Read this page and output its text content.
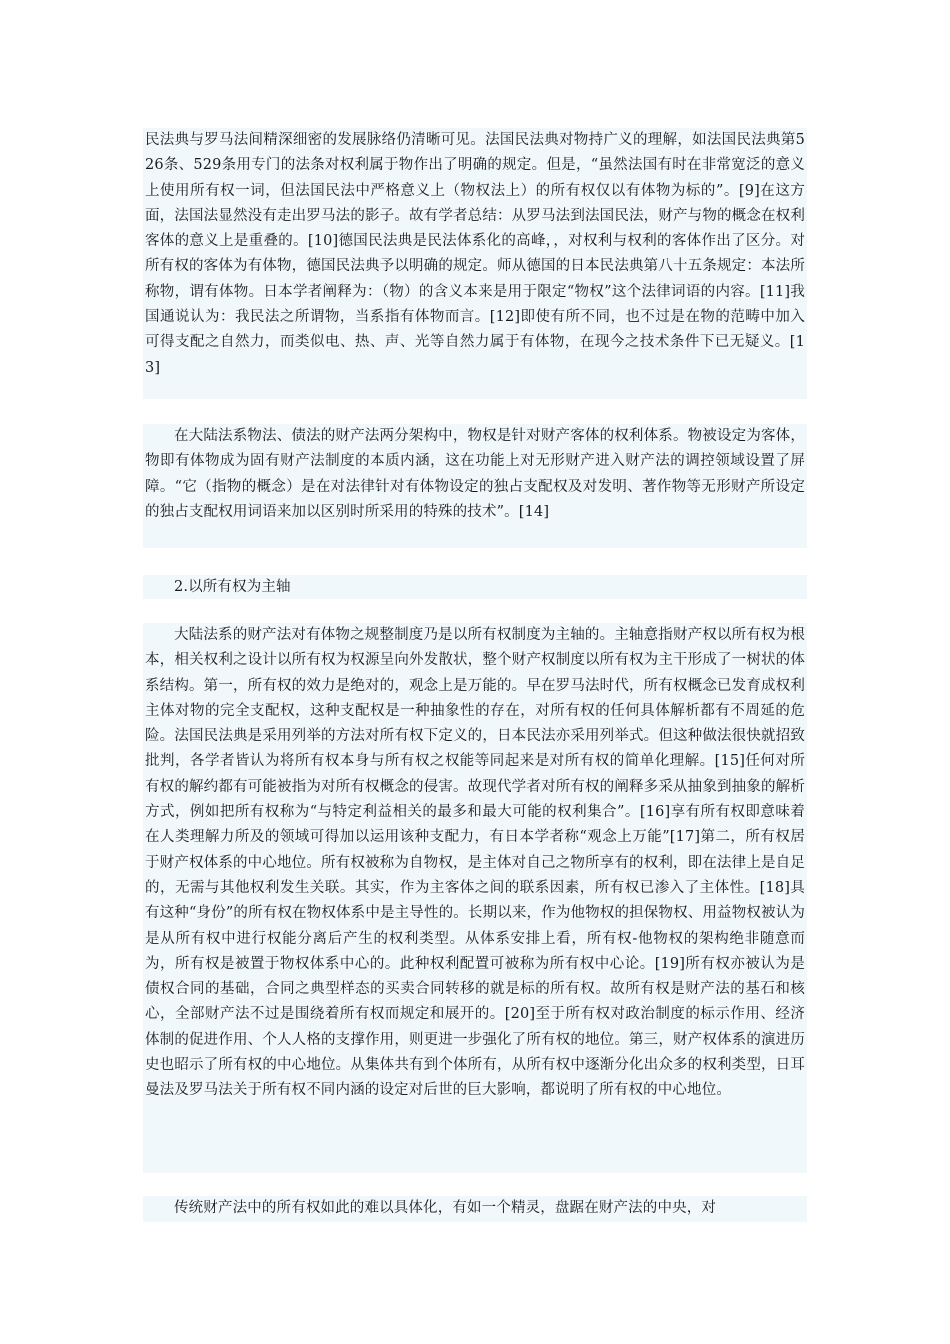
民法典与罗马法间精深细密的发展脉络仍清晰可见。法国民法典对物持广义的理解，如法国民法典第526条、529条用专门的法条对权利属于物作出了明确的规定。但是，“虽然法国有时在非常宽泛的意义上使用所有权一词，但法国民法中严格意义上（物权法上）的所有权仅以有体物为标的”。[9]在这方面，法国法显然没有走出罗马法的影子。故有学者总结：从罗马法到法国民法，财产与物的概念在权利客体的意义上是重叠的。[10]德国民法典是民法体系化的高峰，，对权利与权利的客体作出了区分。对所有权的客体为有体物，德国民法典予以明确的规定。师从德国的日本民法典第八十五条规定：本法所称物，谓有体物。日本学者阐释为：（物）的含义本来是用于限定“物权”这个法律词语的内容。[11]我国通说认为：我民法之所谓物，当系指有体物而言。[12]即使有所不同，也不过是在物的范畴中加入可得支配之自然力，而类似电、热、声、光等自然力属于有体物，在现今之技术条件下已无疑义。[13]

在大陆法系物法、债法的财产法两分架构中，物权是针对财产客体的权利体系。物被设定为客体，物即有体物成为固有财产法制度的本质内涵，这在功能上对无形财产进入财产法的调控领域设置了屏障。“它（指物的概念）是在对法律针对有体物设定的独占支配权及对发明、著作物等无形财产所设定的独占支配权用词语来加以区别时所采用的特殊的技术”。[14]

2.以所有权为主轴

大陆法系的财产法对有体物之规整制度乃是以所有权制度为主轴的。主轴意指财产权以所有权为根本，相关权利之设计以所有权为权源呈向外发散状，整个财产权制度以所有权为主干形成了一树状的体系结构。第一，所有权的效力是绝对的，观念上是万能的。早在罗马法时代，所有权概念已发育成权利主体对物的完全支配权，这种支配权是一种抽象性的存在，对所有权的任何具体解析都有不周延的危险。法国民法典是采用列举的方法对所有权下定义的，日本民法亦采用列举式。但这种做法很快就招致批判，各学者皆认为将所有权本身与所有权之权能等同起来是对所有权的简单化理解。[15]任何对所有权的解约都有可能被指为对所有权概念的侵害。故现代学者对所有权的阐释多采从抽象到抽象的解析方式，例如把所有权称为“与特定利益相关的最多和最大可能的权利集合”。[16]享有所有权即意味着在人类理解力所及的领域可得加以运用该种支配力，有日本学者称“观念上万能”[17]第二，所有权居于财产权体系的中心地位。所有权被称为自物权，是主体对自己之物所享有的权利，即在法律上是自足的，无需与其他权利发生关联。其实，作为主客体之间的联系因素，所有权已渗入了主体性。[18]具有这种“身份”的所有权在物权体系中是主导性的。长期以来，作为他物权的担保物权、用益物权被认为是从所有权中进行权能分离后产生的权利类型。从体系安排上看，所有权-他物权的架构绝非随意而为，所有权是被置于物权体系中心的。此种权利配置可被称为所有权中心论。[19]所有权亦被认为是债权合同的基础，合同之典型样态的买卖合同转移的就是标的所有权。故所有权是财产法的基石和核心，全部财产法不过是围绕着所有权而规定和展开的。[20]至于所有权对政治制度的标示作用、经济体制的促进作用、个人人格的支撑作用，则更进一步强化了所有权的地位。第三，财产权体系的演进历史也昭示了所有权的中心地位。从集体共有到个体所有，从所有权中逐渐分化出众多的权利类型，日耳曼法及罗马法关于所有权不同内涵的设定对后世的巨大影响，都说明了所有权的中心地位。

传统财产法中的所有权如此的难以具体化，有如一个精灵，盘踞在财产法的中央，对
